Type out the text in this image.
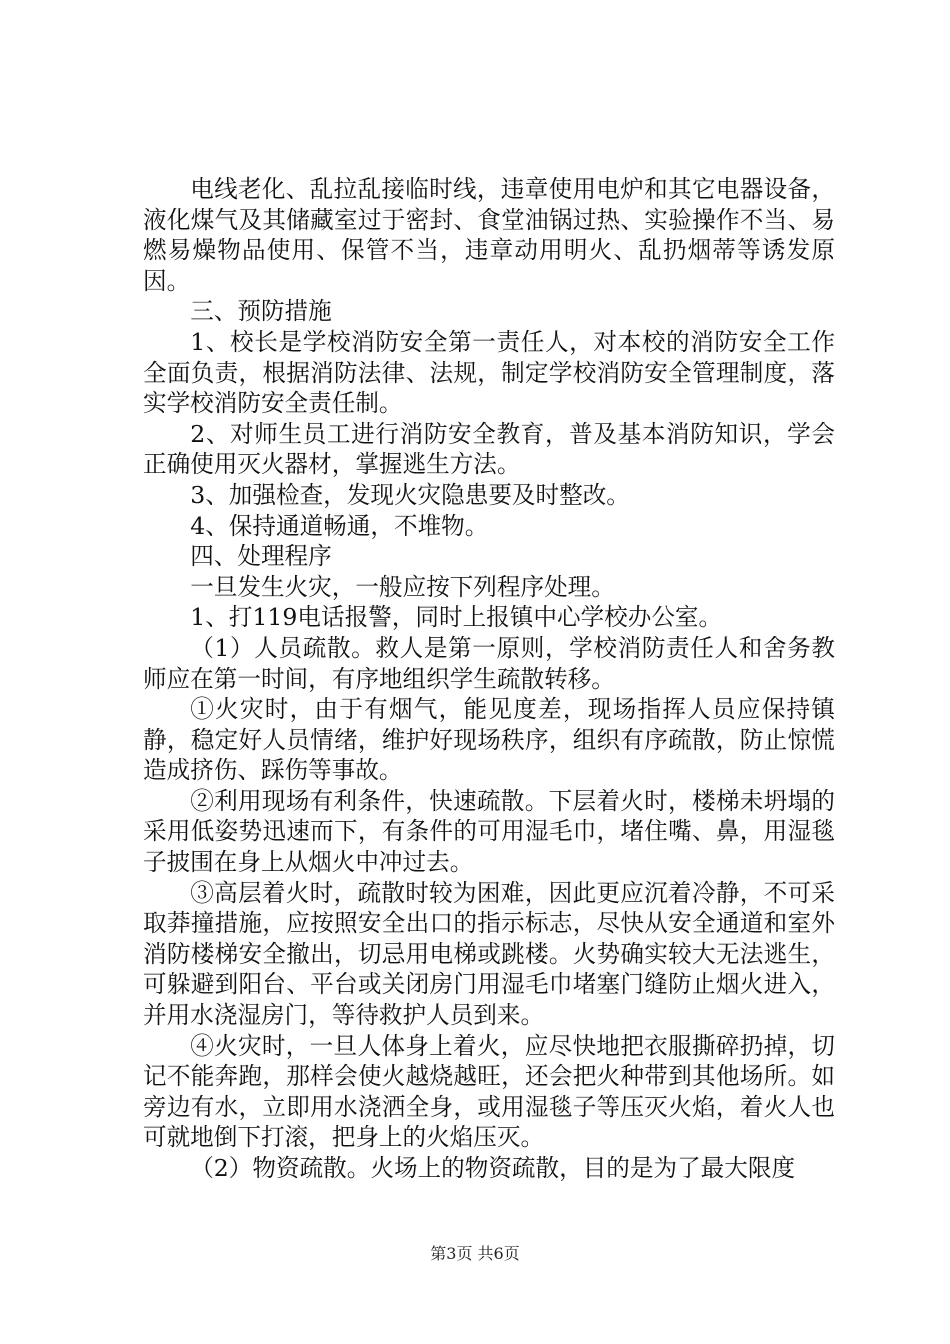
电线老化、乱拉乱接临时线，违章使用电炉和其它电器设备，液化煤气及其储藏室过于密封、食堂油锅过热、实验操作不当、易燃易燥物品使用、保管不当，违章动用明火、乱扔烟蒂等诱发原因。

三、预防措施

1、校长是学校消防安全第一责任人，对本校的消防安全工作全面负责，根据消防法律、法规，制定学校消防安全管理制度，落实学校消防安全责任制。

2、对师生员工进行消防安全教育，普及基本消防知识，学会正确使用灭火器材，掌握逃生方法。

3、加强检查，发现火灾隐患要及时整改。

4、保持通道畅通，不堆物。

四、处理程序

一旦发生火灾，一般应按下列程序处理。

1、打119电话报警，同时上报镇中心学校办公室。

（1）人员疏散。救人是第一原则，学校消防责任人和舍务教师应在第一时间，有序地组织学生疏散转移。

①火灾时，由于有烟气，能见度差，现场指挥人员应保持镇静，稳定好人员情绪，维护好现场秩序，组织有序疏散，防止惊慌造成挤伤、踩伤等事故。

②利用现场有利条件，快速疏散。下层着火时，楼梯未坍塌的采用低姿势迅速而下，有条件的可用湿毛巾，堵住嘴、鼻，用湿毯子披围在身上从烟火中冲过去。

③高层着火时，疏散时较为困难，因此更应沉着冷静，不可采取莽撞措施，应按照安全出口的指示标志，尽快从安全通道和室外消防楼梯安全撤出，切忌用电梯或跳楼。火势确实较大无法逃生，可躲避到阳台、平台或关闭房门用湿毛巾堵塞门缝防止烟火进入，并用水浇湿房门，等待救护人员到来。

④火灾时，一旦人体身上着火，应尽快地把衣服撕碎扔掉，切记不能奔跑，那样会使火越烧越旺，还会把火种带到其他场所。如旁边有水，立即用水浇洒全身，或用湿毯子等压灭火焰，着火人也可就地倒下打滚，把身上的火焰压灭。

（2）物资疏散。火场上的物资疏散，目的是为了最大限度

第3页 共6页
